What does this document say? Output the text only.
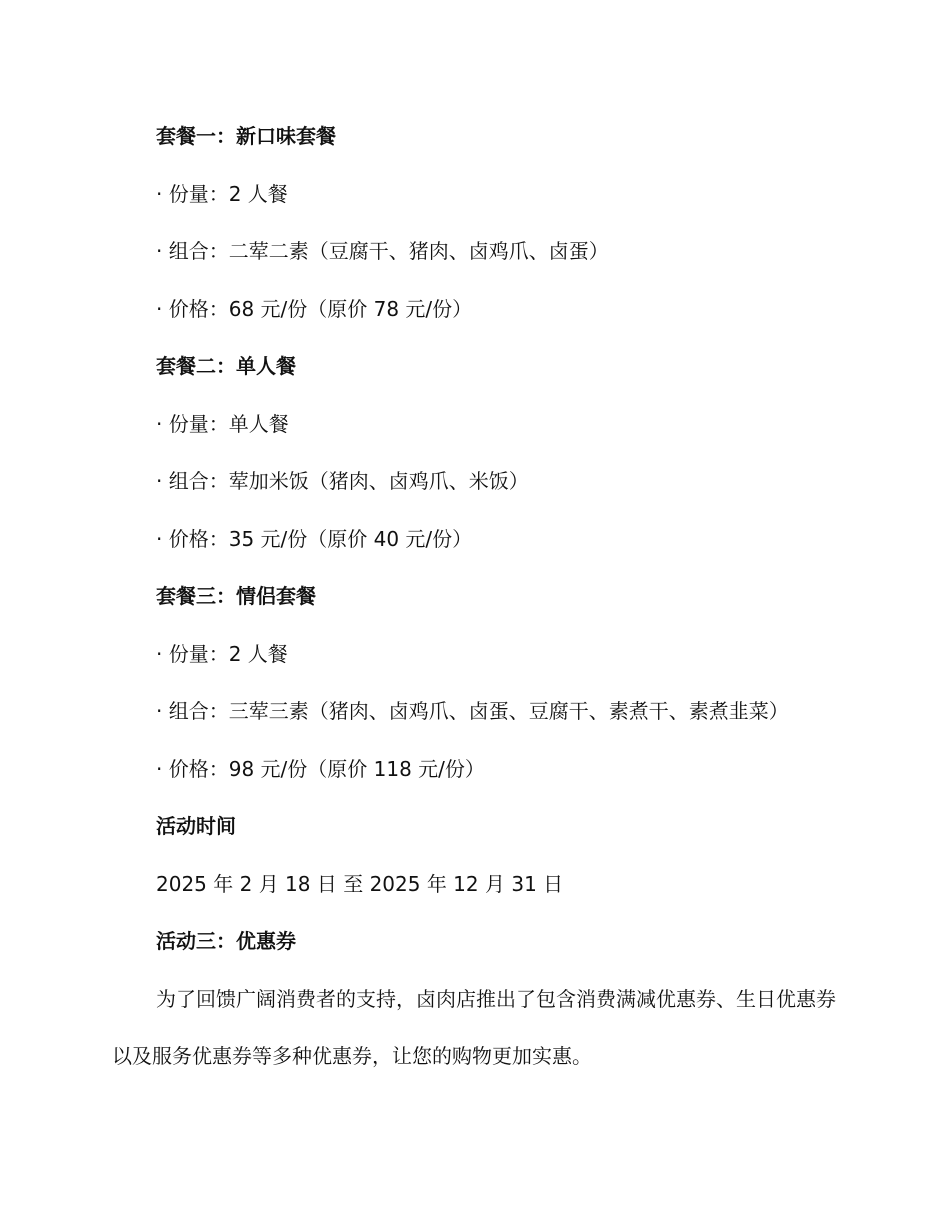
套餐一：新口味套餐

· 份量：2 人餐

· 组合：二荤二素（豆腐干、猪肉、卤鸡爪、卤蛋）

· 价格：68 元/份（原价 78 元/份）

套餐二：单人餐

· 份量：单人餐

· 组合：荤加米饭（猪肉、卤鸡爪、米饭）

· 价格：35 元/份（原价 40 元/份）

套餐三：情侣套餐

· 份量：2 人餐

· 组合：三荤三素（猪肉、卤鸡爪、卤蛋、豆腐干、素煮干、素煮韭菜）

· 价格：98 元/份（原价 118 元/份）

活动时间

2025 年 2 月 18 日 至 2025 年 12 月 31 日

活动三：优惠券

为了回馈广阔消费者的支持，卤肉店推出了包含消费满减优惠券、生日优惠券以及服务优惠券等多种优惠券，让您的购物更加实惠。
